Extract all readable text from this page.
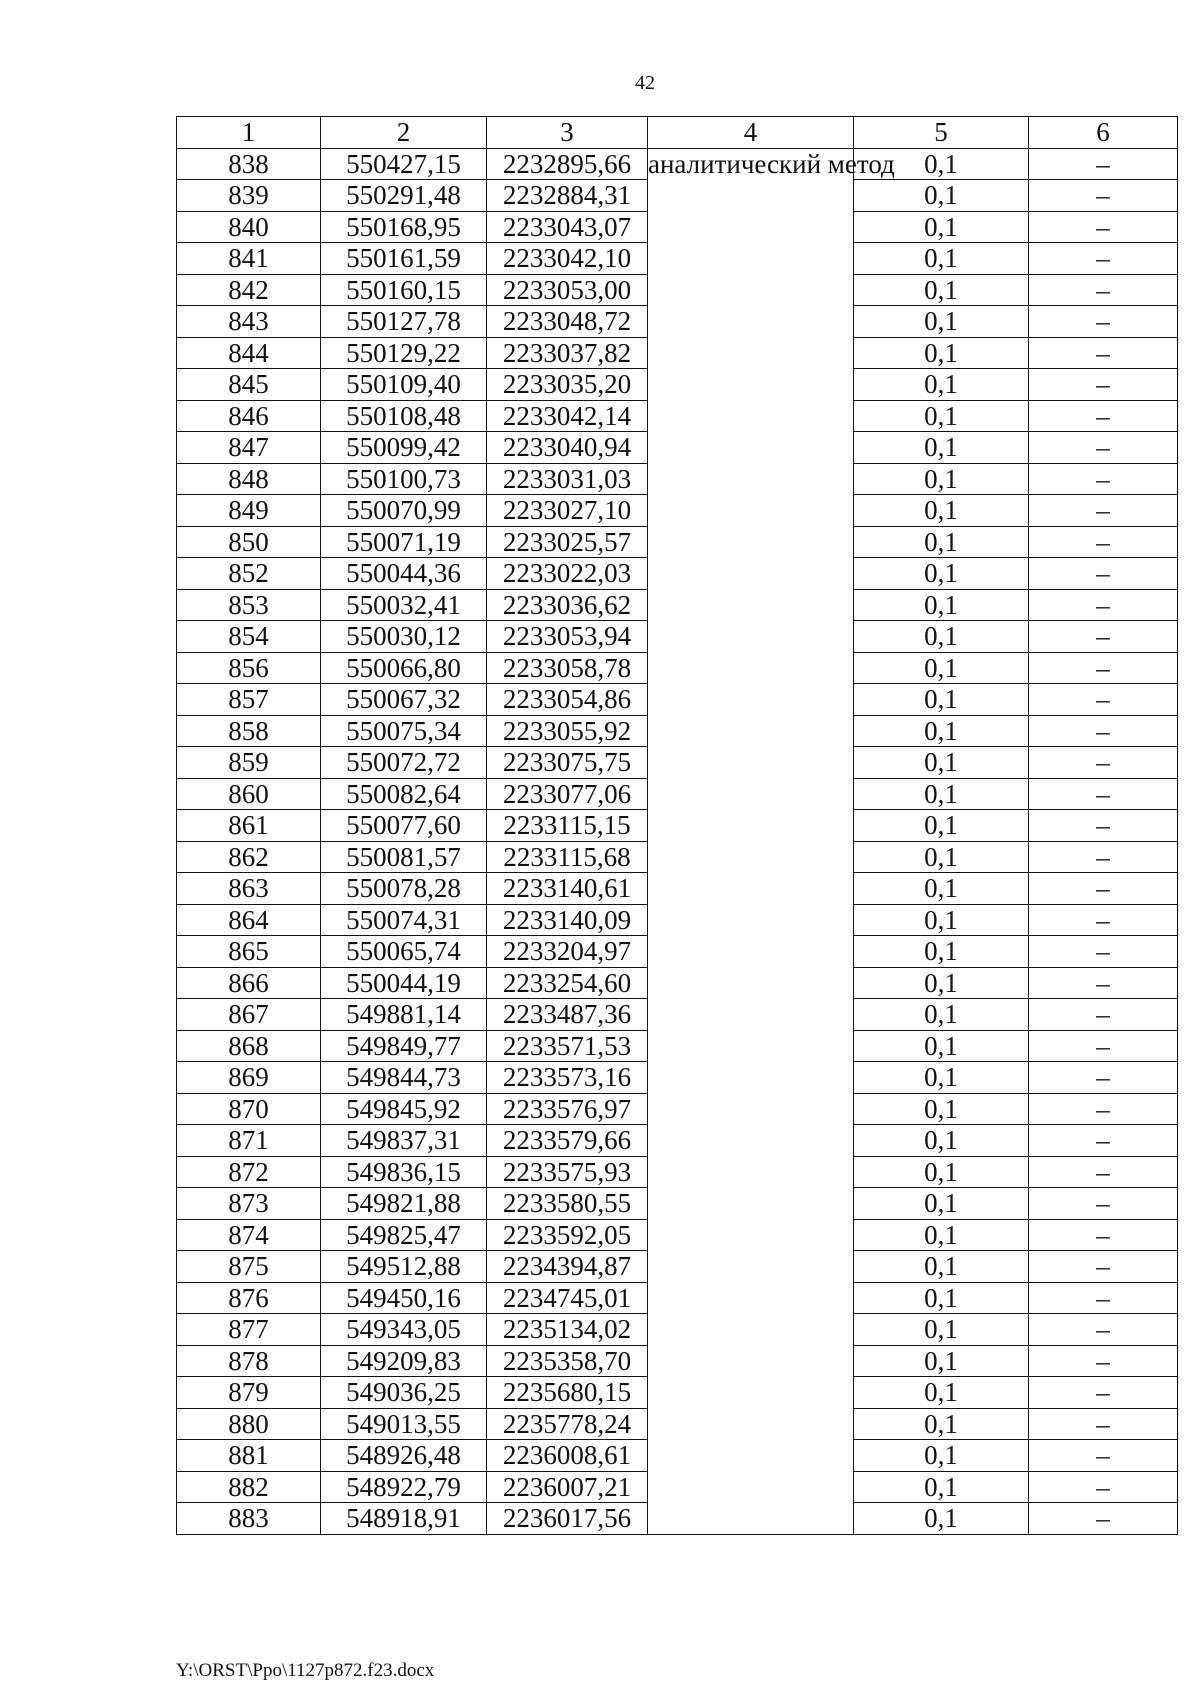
42
1	2	3	4	5	6
838	550427,15	2232895,66	аналитический метод	0,1	–
839	550291,48	2232884,31		0,1	–
840	550168,95	2233043,07		0,1	–
841	550161,59	2233042,10		0,1	–
842	550160,15	2233053,00		0,1	–
843	550127,78	2233048,72		0,1	–
844	550129,22	2233037,82		0,1	–
845	550109,40	2233035,20		0,1	–
846	550108,48	2233042,14		0,1	–
847	550099,42	2233040,94		0,1	–
848	550100,73	2233031,03		0,1	–
849	550070,99	2233027,10		0,1	–
850	550071,19	2233025,57		0,1	–
852	550044,36	2233022,03		0,1	–
853	550032,41	2233036,62		0,1	–
854	550030,12	2233053,94		0,1	–
856	550066,80	2233058,78		0,1	–
857	550067,32	2233054,86		0,1	–
858	550075,34	2233055,92		0,1	–
859	550072,72	2233075,75		0,1	–
860	550082,64	2233077,06		0,1	–
861	550077,60	2233115,15		0,1	–
862	550081,57	2233115,68		0,1	–
863	550078,28	2233140,61		0,1	–
864	550074,31	2233140,09		0,1	–
865	550065,74	2233204,97		0,1	–
866	550044,19	2233254,60		0,1	–
867	549881,14	2233487,36		0,1	–
868	549849,77	2233571,53		0,1	–
869	549844,73	2233573,16		0,1	–
870	549845,92	2233576,97		0,1	–
871	549837,31	2233579,66		0,1	–
872	549836,15	2233575,93		0,1	–
873	549821,88	2233580,55		0,1	–
874	549825,47	2233592,05		0,1	–
875	549512,88	2234394,87		0,1	–
876	549450,16	2234745,01		0,1	–
877	549343,05	2235134,02		0,1	–
878	549209,83	2235358,70		0,1	–
879	549036,25	2235680,15		0,1	–
880	549013,55	2235778,24		0,1	–
881	548926,48	2236008,61		0,1	–
882	548922,79	2236007,21		0,1	–
883	548918,91	2236017,56		0,1	–
Y:\ORST\Ppo\1127p872.f23.docx
